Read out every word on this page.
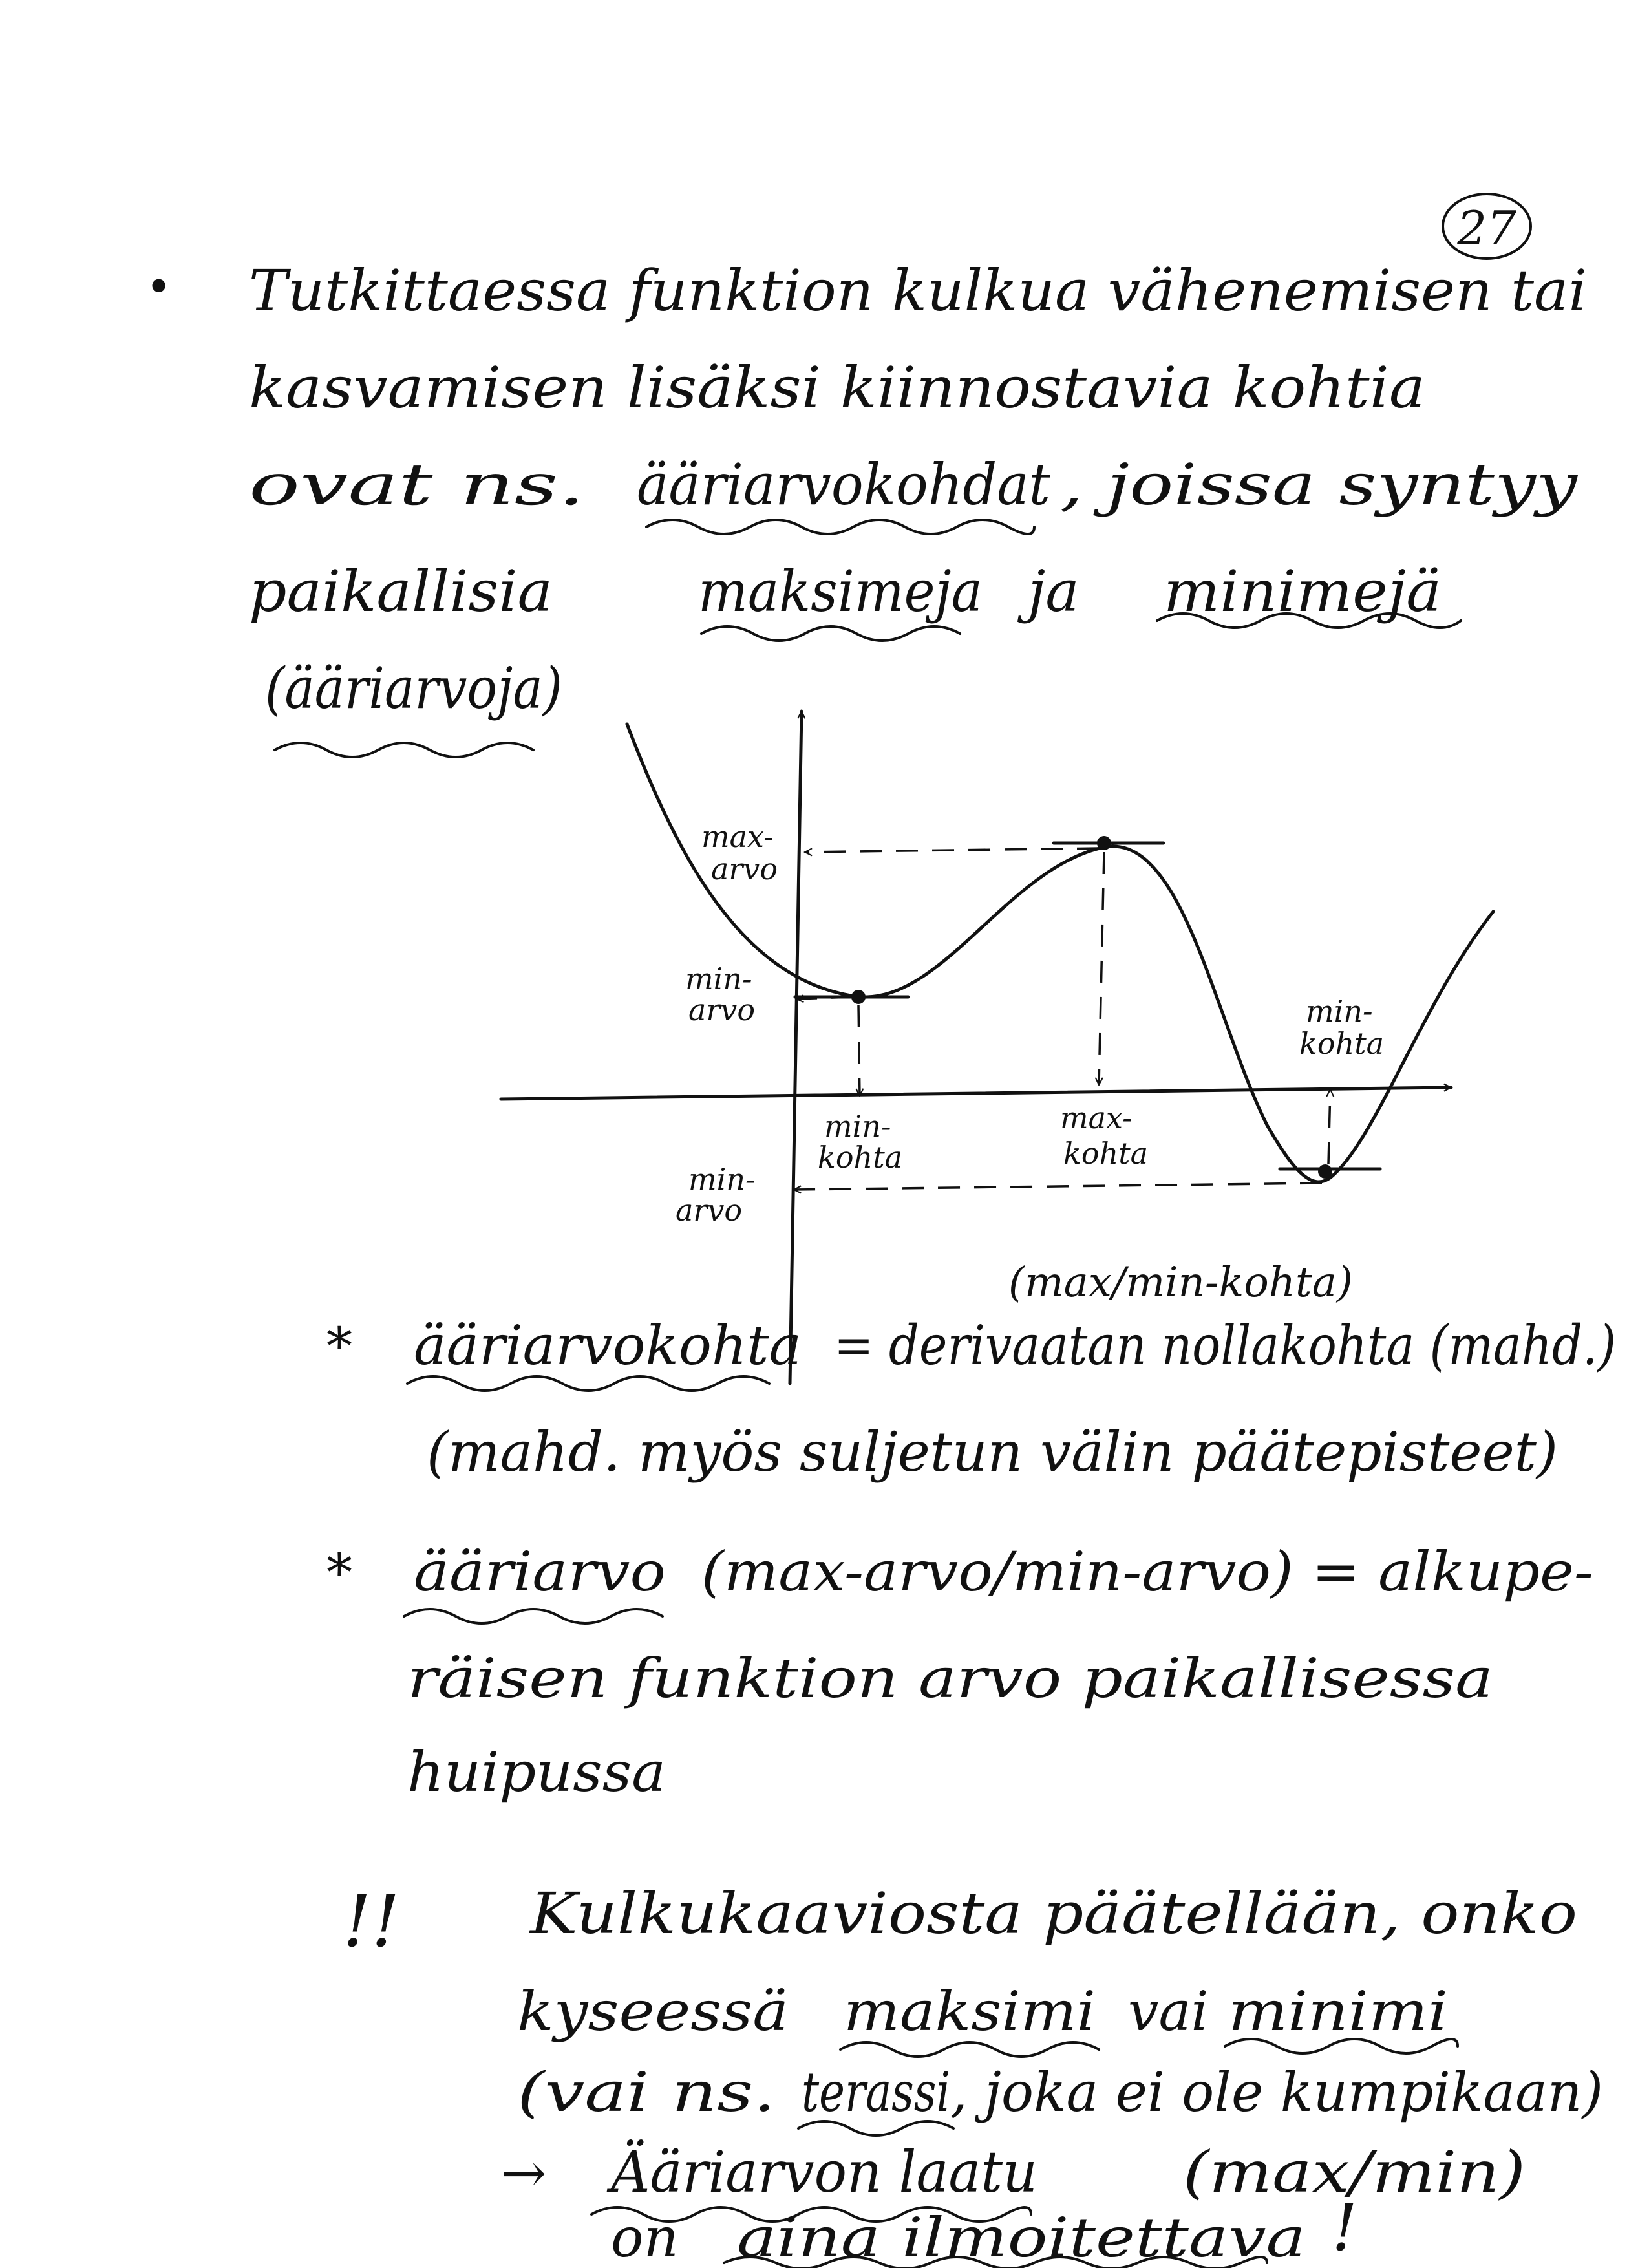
27
• Tutkittaessa funktion kulkua vähenemisen tai
kasvamisen lisäksi kiinnostavia kohtia
ovat ns. ääriarvokohdat , joissa syntyy
paikallisia	maksimeja ja minimejä
(ääriarvoja)
max-
arvo
min-
arvo
min-
kohta
max-
kohta
min-
arvo
min-
kohta
(max/min-kohta)
* ääriarvokohta = derivaatan nollakohta (mahd.)
(mahd. myös suljetun välin päätepisteet)
* ääriarvo (max-arvo/min-arvo) = alkupe-
räisen funktion arvo paikallisessa
huipussa
!! Kulkukaaviosta päätellään, onko
kyseessä maksimi vai minimi
(vai ns. terassi , joka ei ole kumpikaan)
→ Ääriarvon laatu	(max/min)
on aina ilmoitettava !
